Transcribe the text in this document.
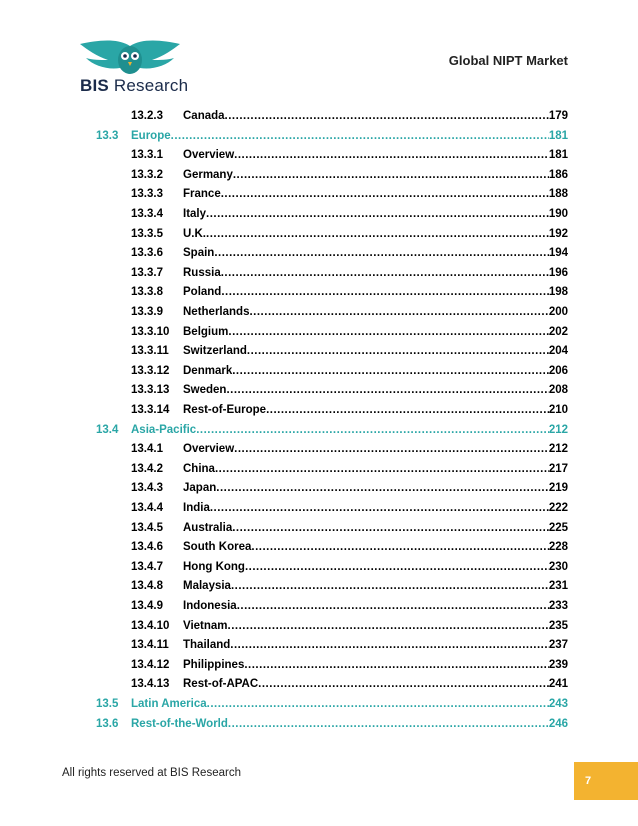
BIS Research
Global NIPT Market
13.2.3	Canada .....	179
13.3	Europe .....	181
13.3.1	Overview .....	181
13.3.2	Germany .....	186
13.3.3	France .....	188
13.3.4	Italy .....	190
13.3.5	U.K. .....	192
13.3.6	Spain .....	194
13.3.7	Russia .....	196
13.3.8	Poland .....	198
13.3.9	Netherlands .....	200
13.3.10	Belgium .....	202
13.3.11	Switzerland .....	204
13.3.12	Denmark .....	206
13.3.13	Sweden .....	208
13.3.14	Rest-of-Europe .....	210
13.4	Asia-Pacific .....	212
13.4.1	Overview .....	212
13.4.2	China .....	217
13.4.3	Japan .....	219
13.4.4	India .....	222
13.4.5	Australia .....	225
13.4.6	South Korea .....	228
13.4.7	Hong Kong .....	230
13.4.8	Malaysia .....	231
13.4.9	Indonesia .....	233
13.4.10	Vietnam .....	235
13.4.11	Thailand .....	237
13.4.12	Philippines .....	239
13.4.13	Rest-of-APAC .....	241
13.5	Latin America .....	243
13.6	Rest-of-the-World .....	246
All rights reserved at BIS Research
7
